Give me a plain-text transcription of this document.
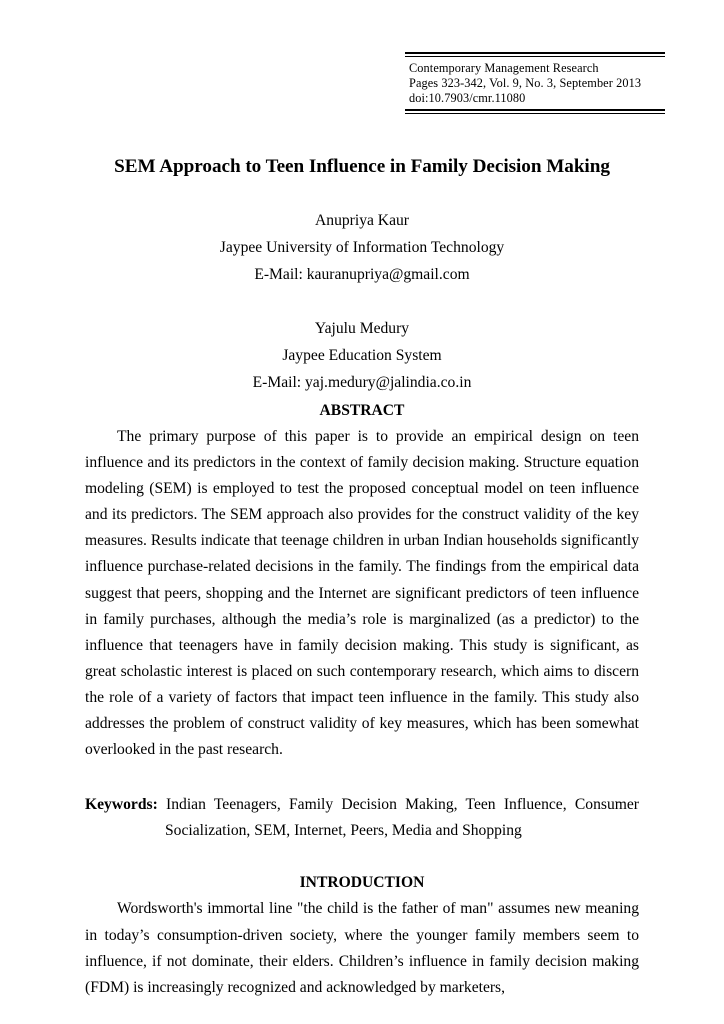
Contemporary Management Research
Pages 323-342, Vol. 9, No. 3, September 2013
doi:10.7903/cmr.11080
SEM Approach to Teen Influence in Family Decision Making
Anupriya Kaur
Jaypee University of Information Technology
E-Mail: kauranupriya@gmail.com
Yajulu Medury
Jaypee Education System
E-Mail: yaj.medury@jalindia.co.in
ABSTRACT

The primary purpose of this paper is to provide an empirical design on teen influence and its predictors in the context of family decision making. Structure equation modeling (SEM) is employed to test the proposed conceptual model on teen influence and its predictors. The SEM approach also provides for the construct validity of the key measures. Results indicate that teenage children in urban Indian households significantly influence purchase-related decisions in the family. The findings from the empirical data suggest that peers, shopping and the Internet are significant predictors of teen influence in family purchases, although the media’s role is marginalized (as a predictor) to the influence that teenagers have in family decision making. This study is significant, as great scholastic interest is placed on such contemporary research, which aims to discern the role of a variety of factors that impact teen influence in the family. This study also addresses the problem of construct validity of key measures, which has been somewhat overlooked in the past research.

Keywords: Indian Teenagers, Family Decision Making, Teen Influence, Consumer Socialization, SEM, Internet, Peers, Media and Shopping

INTRODUCTION

Wordsworth's immortal line "the child is the father of man" assumes new meaning in today’s consumption-driven society, where the younger family members seem to influence, if not dominate, their elders. Children’s influence in family decision making (FDM) is increasingly recognized and acknowledged by marketers,
